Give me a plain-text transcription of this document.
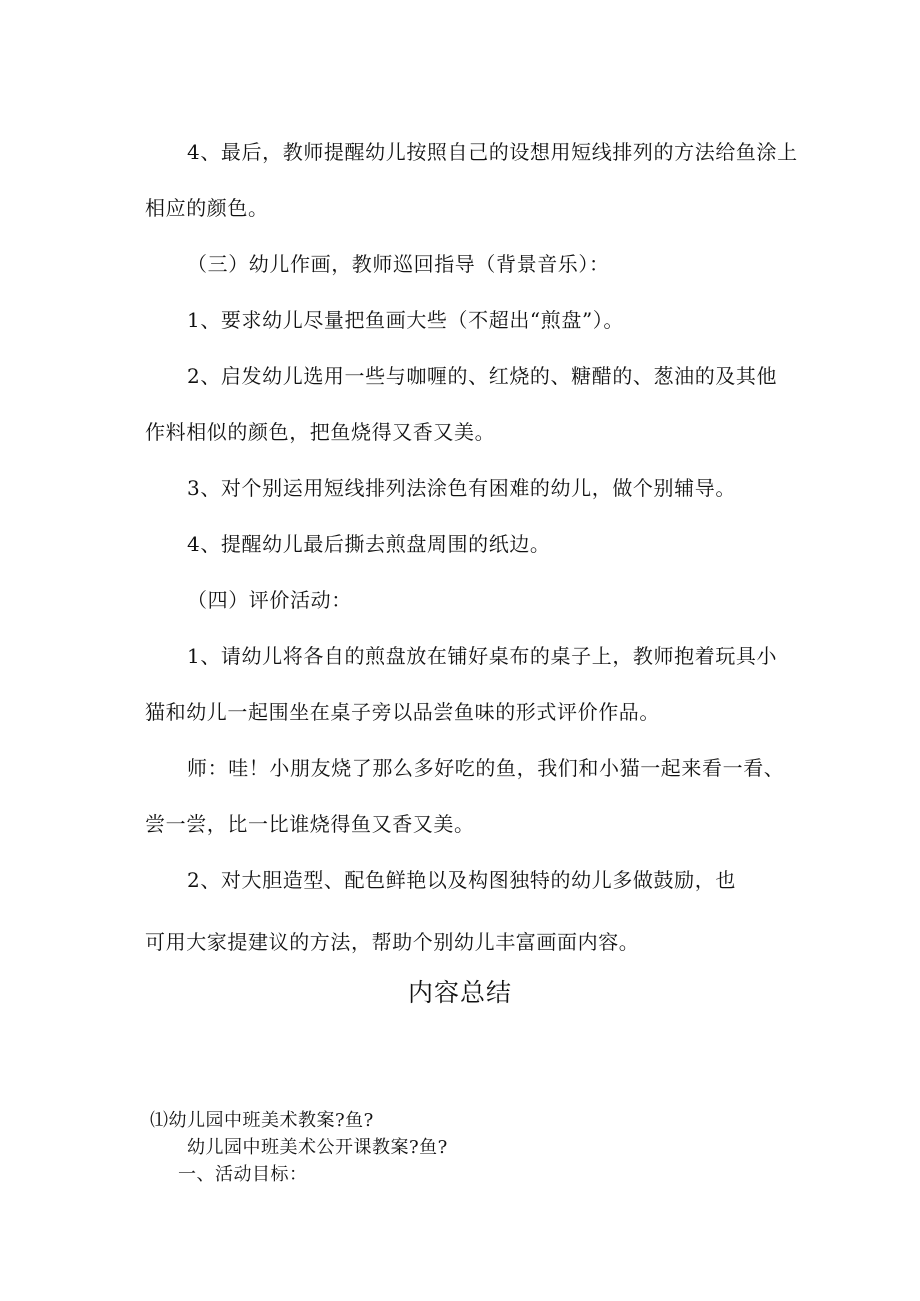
4、最后，教师提醒幼儿按照自己的设想用短线排列的方法给鱼涂上
相应的颜色。
（三）幼儿作画，教师巡回指导（背景音乐）：
1、要求幼儿尽量把鱼画大些（不超出“煎盘”）。
2、启发幼儿选用一些与咖喱的、红烧的、糖醋的、葱油的及其他
作料相似的颜色，把鱼烧得又香又美。
3、对个别运用短线排列法涂色有困难的幼儿，做个别辅导。
4、提醒幼儿最后撕去煎盘周围的纸边。
（四）评价活动：
1、请幼儿将各自的煎盘放在铺好桌布的桌子上，教师抱着玩具小
猫和幼儿一起围坐在桌子旁以品尝鱼味的形式评价作品。
师：哇！小朋友烧了那么多好吃的鱼，我们和小猫一起来看一看、
尝一尝，比一比谁烧得鱼又香又美。
2、对大胆造型、配色鲜艳以及构图独特的幼儿多做鼓励，也
可用大家提建议的方法，帮助个别幼儿丰富画面内容。
内容总结
⑴幼儿园中班美术教案?鱼?
幼儿园中班美术公开课教案?鱼?
一、活动目标：
